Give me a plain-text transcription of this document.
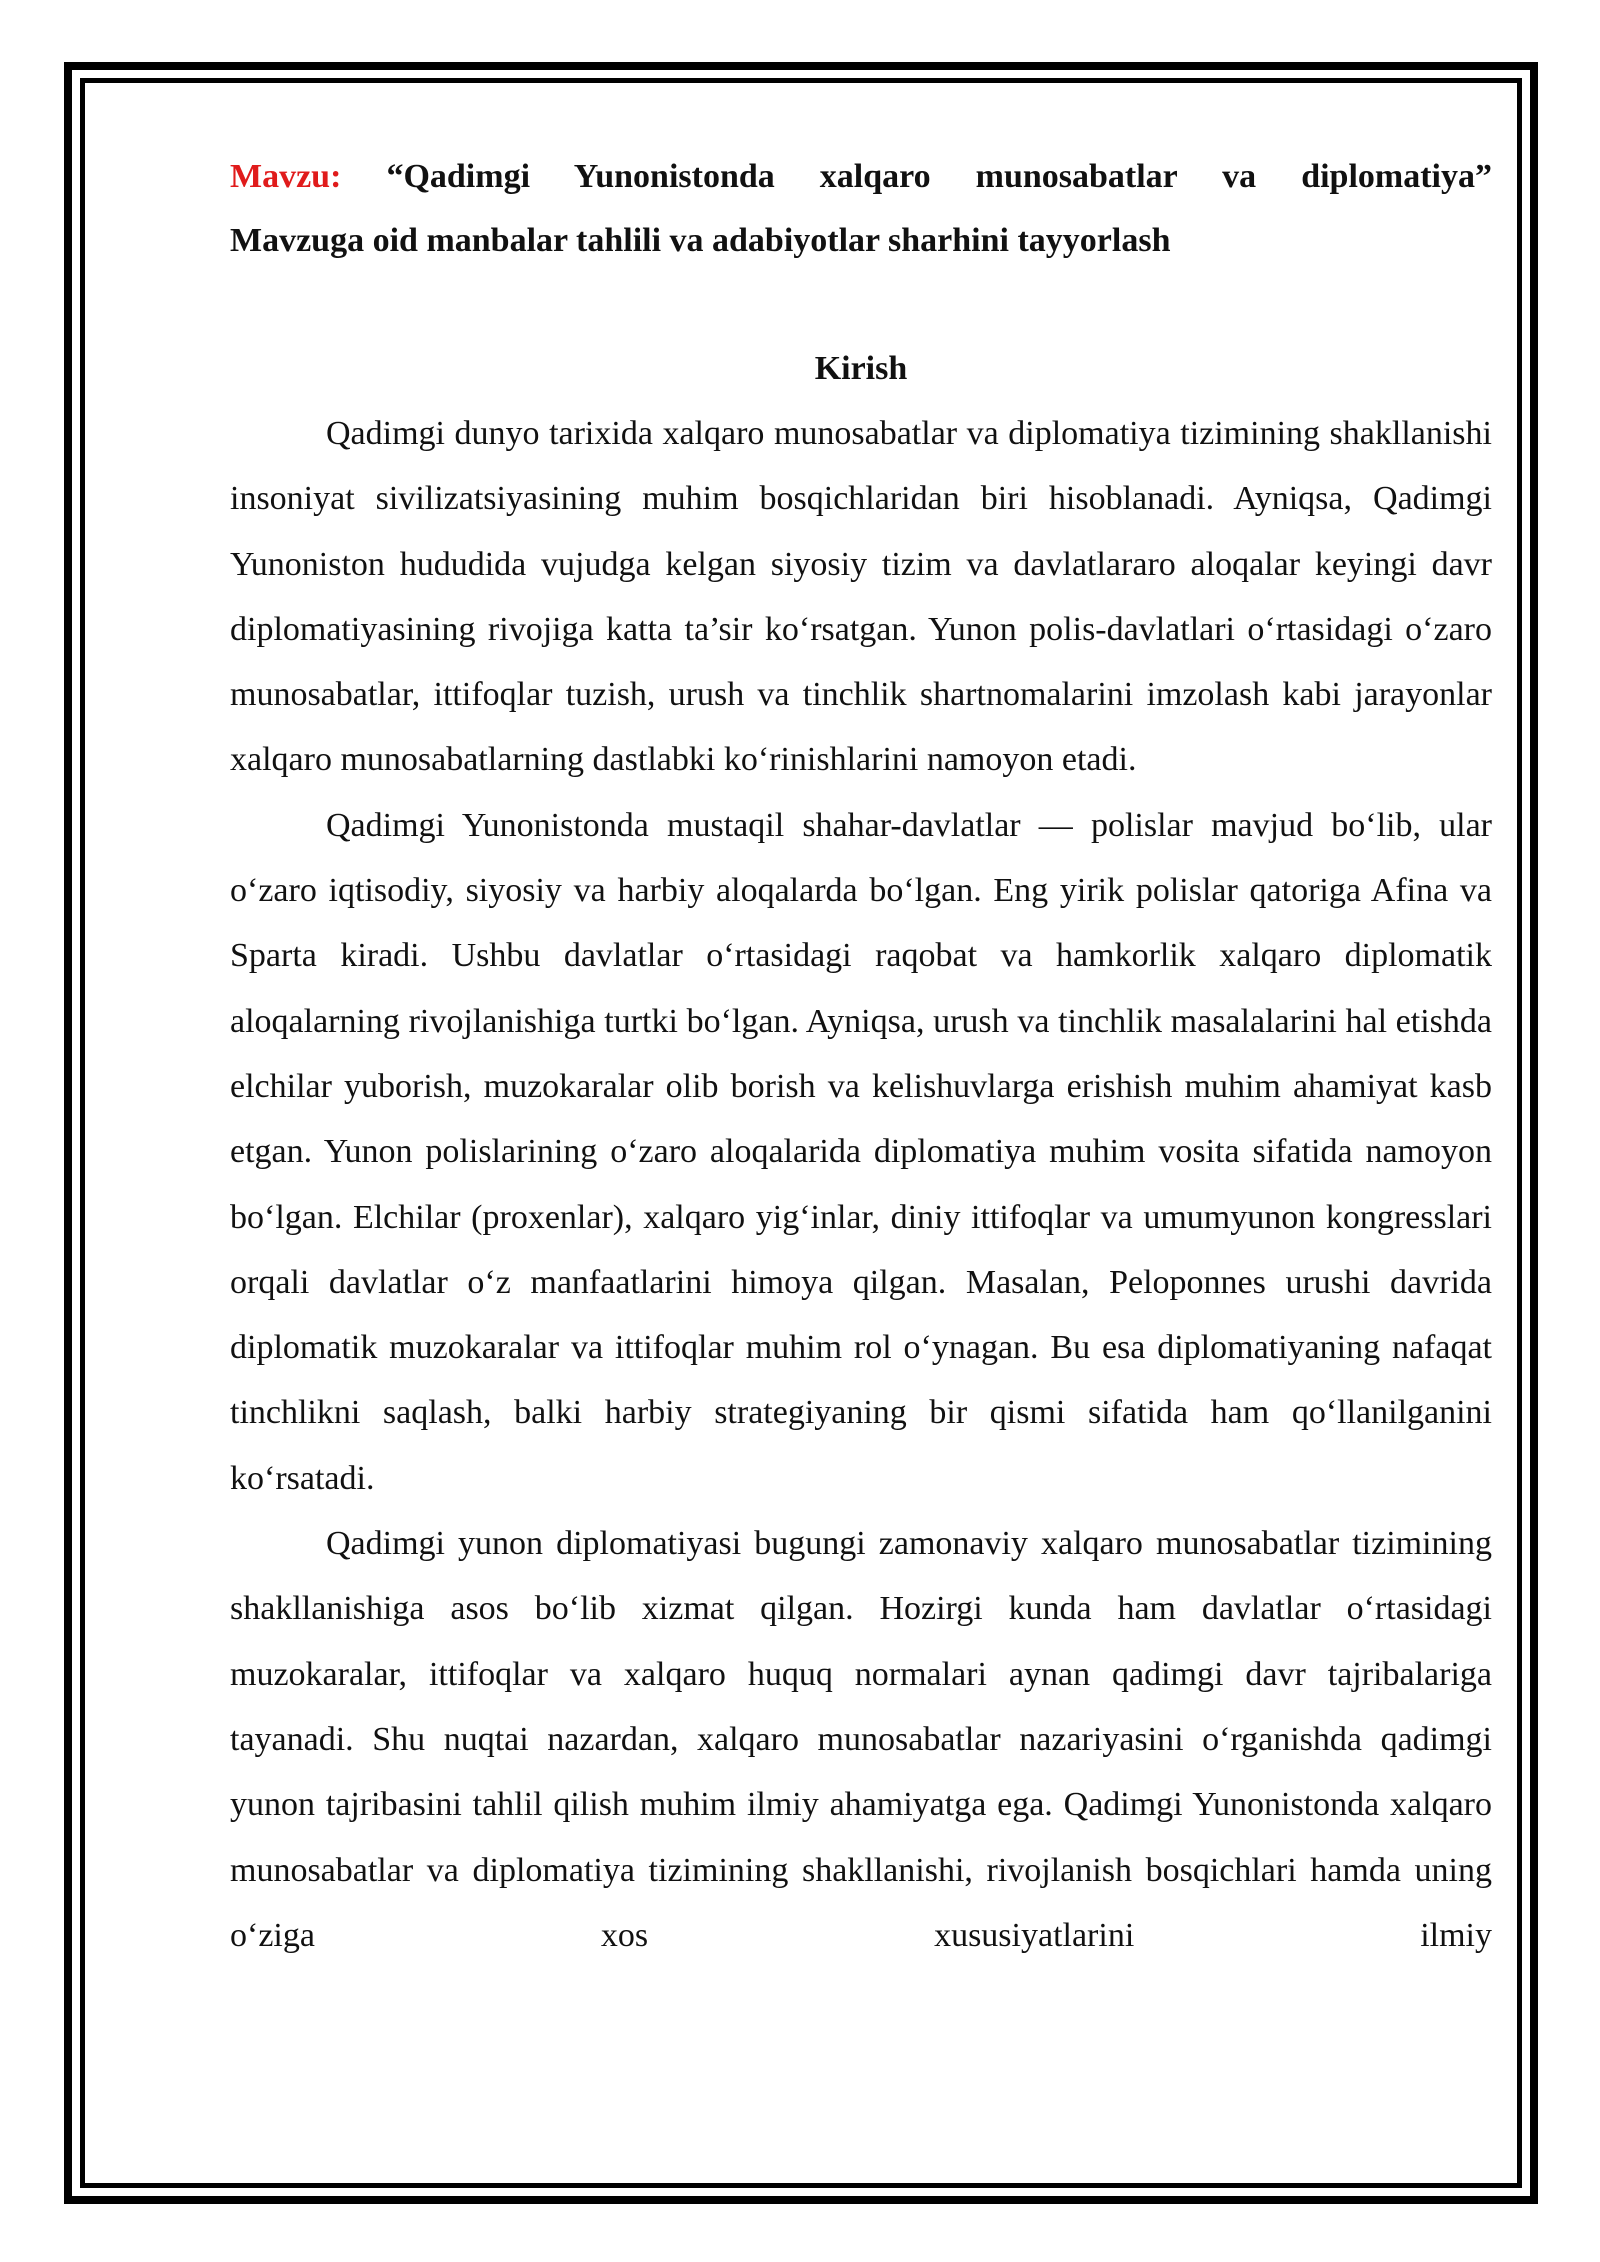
Mavzu: “Qadimgi Yunonistonda xalqaro munosabatlar va diplomatiya”
Mavzuga oid manbalar tahlili va adabiyotlar sharhini tayyorlash
Kirish

Qadimgi dunyo tarixida xalqaro munosabatlar va diplomatiya tizimining shakllanishi insoniyat sivilizatsiyasining muhim bosqichlaridan biri hisoblanadi. Ayniqsa, Qadimgi Yunoniston hududida vujudga kelgan siyosiy tizim va davlatlararo aloqalar keyingi davr diplomatiyasining rivojiga katta ta’sir ko‘rsatgan. Yunon polis-davlatlari o‘rtasidagi o‘zaro munosabatlar, ittifoqlar tuzish, urush va tinchlik shartnomalarini imzolash kabi jarayonlar xalqaro munosabatlarning dastlabki ko‘rinishlarini namoyon etadi.

Qadimgi Yunonistonda mustaqil shahar-davlatlar — polislar mavjud bo‘lib, ular o‘zaro iqtisodiy, siyosiy va harbiy aloqalarda bo‘lgan. Eng yirik polislar qatoriga Afina va Sparta kiradi. Ushbu davlatlar o‘rtasidagi raqobat va hamkorlik xalqaro diplomatik aloqalarning rivojlanishiga turtki bo‘lgan. Ayniqsa, urush va tinchlik masalalarini hal etishda elchilar yuborish, muzokaralar olib borish va kelishuvlarga erishish muhim ahamiyat kasb etgan. Yunon polislarining o‘zaro aloqalarida diplomatiya muhim vosita sifatida namoyon bo‘lgan. Elchilar (proxenlar), xalqaro yig‘inlar, diniy ittifoqlar va umumyunon kongresslari orqali davlatlar o‘z manfaatlarini himoya qilgan. Masalan, Peloponnes urushi davrida diplomatik muzokaralar va ittifoqlar muhim rol o‘ynagan. Bu esa diplomatiyaning nafaqat tinchlikni saqlash, balki harbiy strategiyaning bir qismi sifatida ham qo‘llanilganini ko‘rsatadi.

Qadimgi yunon diplomatiyasi bugungi zamonaviy xalqaro munosabatlar tizimining shakllanishiga asos bo‘lib xizmat qilgan. Hozirgi kunda ham davlatlar o‘rtasidagi muzokaralar, ittifoqlar va xalqaro huquq normalari aynan qadimgi davr tajribalariga tayanadi. Shu nuqtai nazardan, xalqaro munosabatlar nazariyasini o‘rganishda qadimgi yunon tajribasini tahlil qilish muhim ilmiy ahamiyatga ega. Qadimgi Yunonistonda xalqaro munosabatlar va diplomatiya tizimining shakllanishi, rivojlanish bosqichlari hamda uning o‘ziga xos xususiyatlarini ilmiy
